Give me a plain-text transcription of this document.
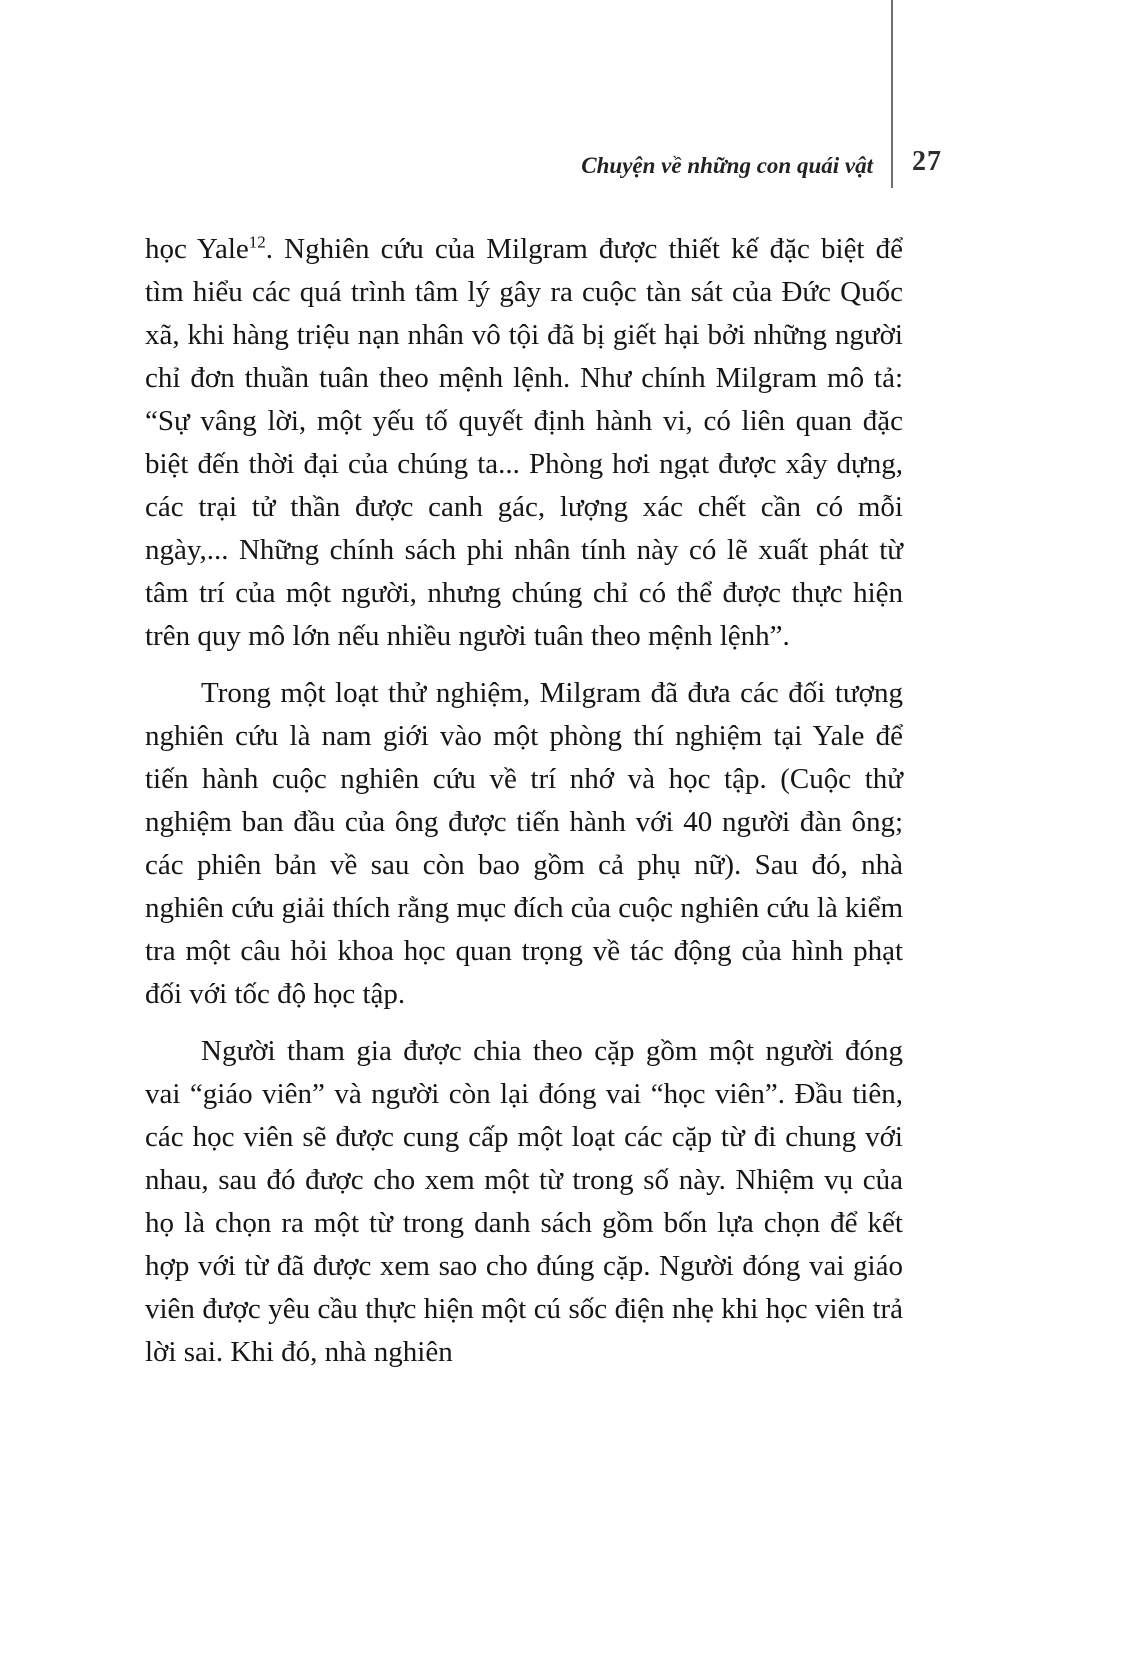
Chuyện về những con quái vật 27

học Yale$^{12}$. Nghiên cứu của Milgram được thiết kế đặc biệt để tìm hiểu các quá trình tâm lý gây ra cuộc tàn sát của Đức Quốc xã, khi hàng triệu nạn nhân vô tội đã bị giết hại bởi những người chỉ đơn thuần tuân theo mệnh lệnh. Như chính Milgram mô tả: “Sự vâng lời, một yếu tố quyết định hành vi, có liên quan đặc biệt đến thời đại của chúng ta... Phòng hơi ngạt được xây dựng, các trại tử thần được canh gác, lượng xác chết cần có mỗi ngày,... Những chính sách phi nhân tính này có lẽ xuất phát từ tâm trí của một người, nhưng chúng chỉ có thể được thực hiện trên quy mô lớn nếu nhiều người tuân theo mệnh lệnh”.

Trong một loạt thử nghiệm, Milgram đã đưa các đối tượng nghiên cứu là nam giới vào một phòng thí nghiệm tại Yale để tiến hành cuộc nghiên cứu về trí nhớ và học tập. (Cuộc thử nghiệm ban đầu của ông được tiến hành với 40 người đàn ông; các phiên bản về sau còn bao gồm cả phụ nữ). Sau đó, nhà nghiên cứu giải thích rằng mục đích của cuộc nghiên cứu là kiểm tra một câu hỏi khoa học quan trọng về tác động của hình phạt đối với tốc độ học tập.

Người tham gia được chia theo cặp gồm một người đóng vai “giáo viên” và người còn lại đóng vai “học viên”. Đầu tiên, các học viên sẽ được cung cấp một loạt các cặp từ đi chung với nhau, sau đó được cho xem một từ trong số này. Nhiệm vụ của họ là chọn ra một từ trong danh sách gồm bốn lựa chọn để kết hợp với từ đã được xem sao cho đúng cặp. Người đóng vai giáo viên được yêu cầu thực hiện một cú sốc điện nhẹ khi học viên trả lời sai. Khi đó, nhà nghiên
